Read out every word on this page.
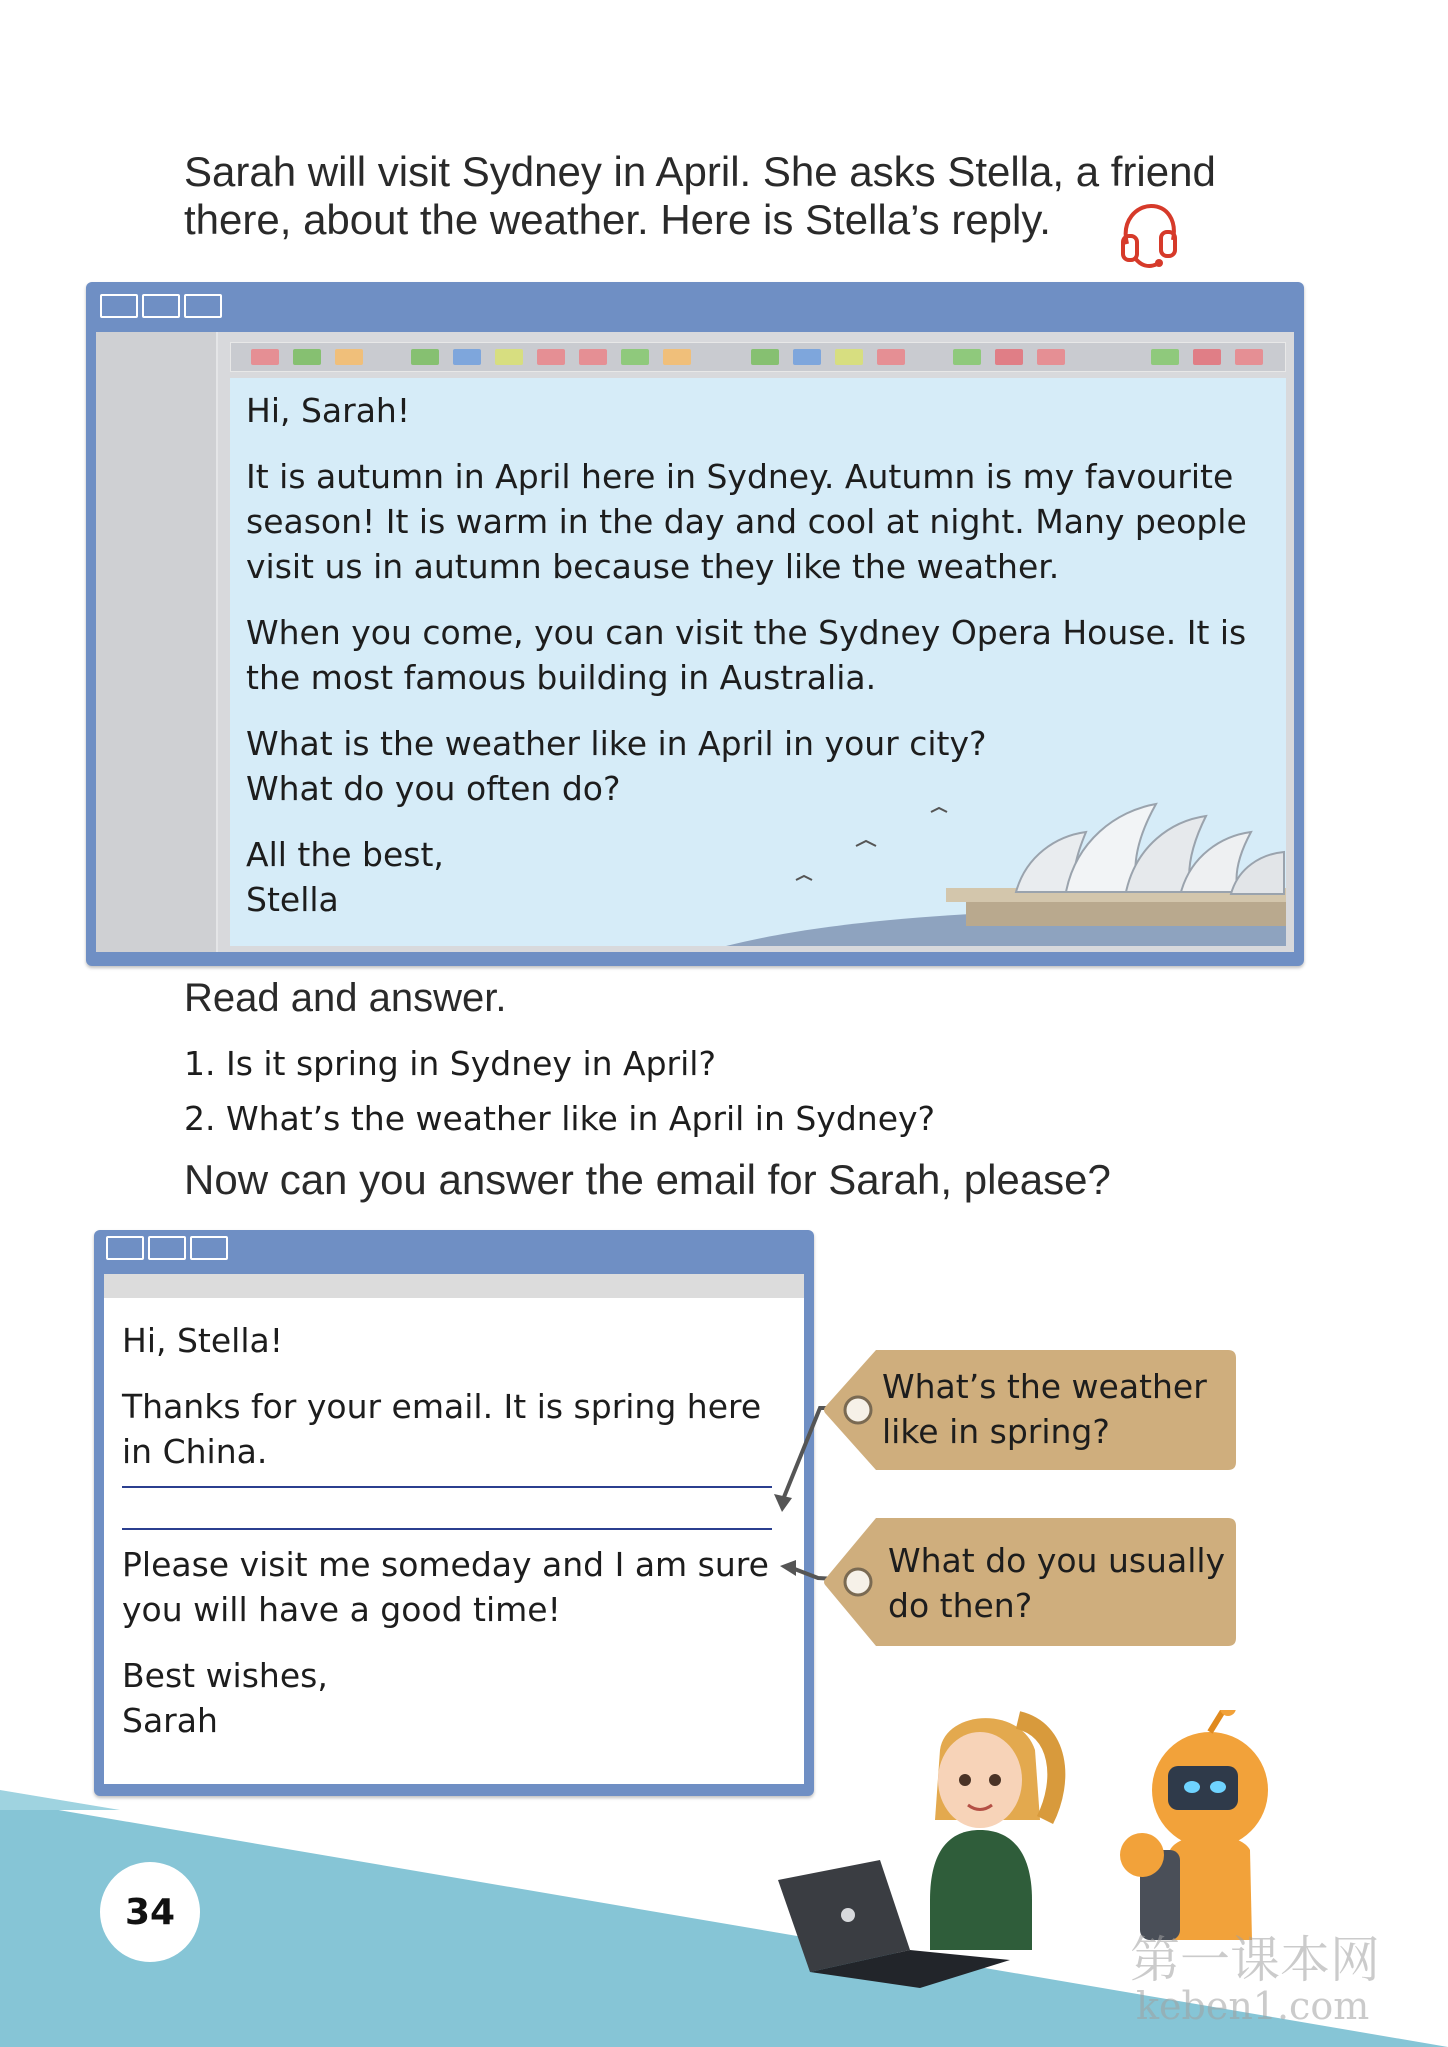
Sarah will visit Sydney in April. She asks Stella, a friend
there, about the weather. Here is Stella’s reply.
Hi, Sarah!
It is autumn in April here in Sydney. Autumn is my favourite
season! It is warm in the day and cool at night. Many people
visit us in autumn because they like the weather.
When you come, you can visit the Sydney Opera House. It is
the most famous building in Australia.
What is the weather like in April in your city?
What do you often do?
All the best,
Stella
Read and answer.
1. Is it spring in Sydney in April?
2. What’s the weather like in April in Sydney?
Now can you answer the email for Sarah, please?
Hi, Stella!
Thanks for your email. It is spring here
in China.
Please visit me someday and I am sure
you will have a good time!
Best wishes,
Sarah
What’s the weather
like in spring?
What do you usually
do then?
34
第一课本网
keben1.com
